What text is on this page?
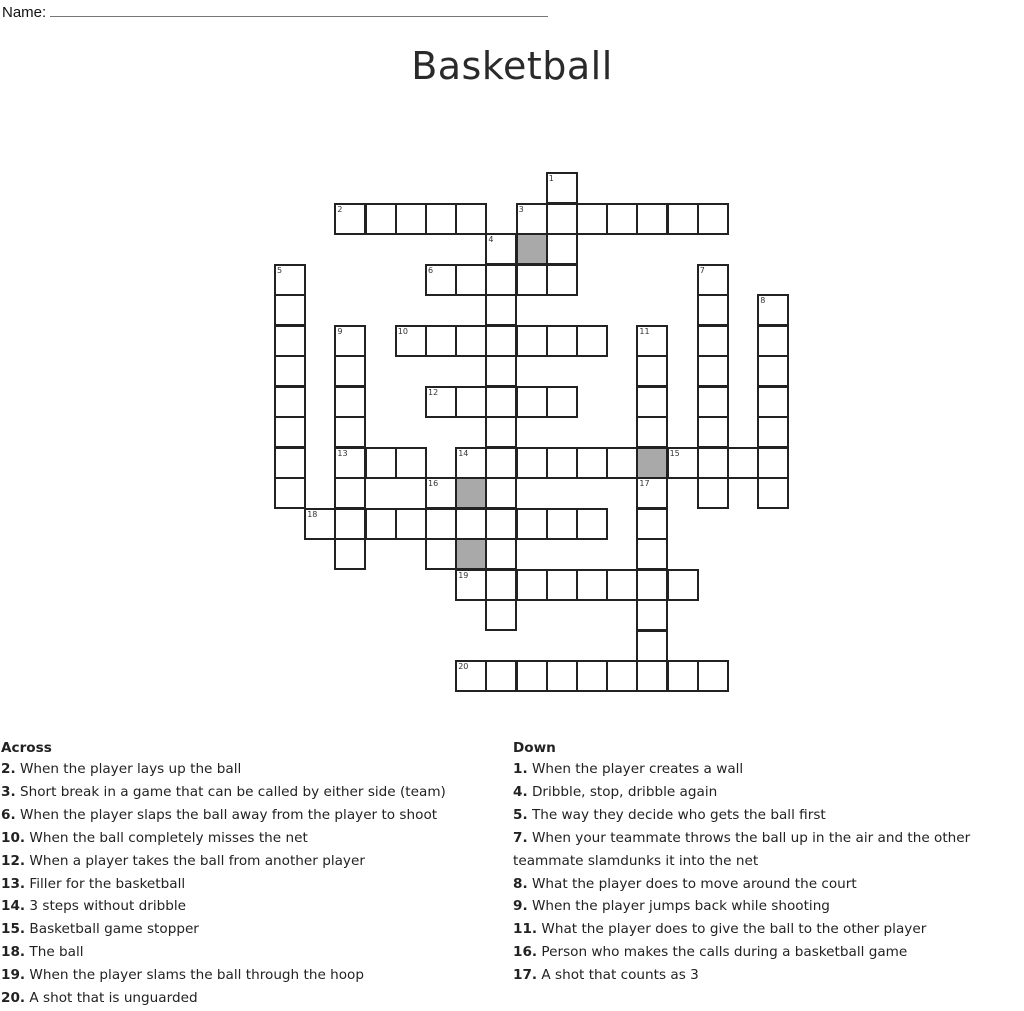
Name:
Basketball
1
2	3
4
5	6	7
8
9	10	11
12
13	14	15
16	17
18
19
20
Across
2. When the player lays up the ball
3. Short break in a game that can be called by either side (team)
6. When the player slaps the ball away from the player to shoot
10. When the ball completely misses the net
12. When a player takes the ball from another player
13. Filler for the basketball
14. 3 steps without dribble
15. Basketball game stopper
18. The ball
19. When the player slams the ball through the hoop
20. A shot that is unguarded
Down
1. When the player creates a wall
4. Dribble, stop, dribble again
5. The way they decide who gets the ball first
7. When your teammate throws the ball up in the air and the other teammate slamdunks it into the net
8. What the player does to move around the court
9. When the player jumps back while shooting
11. What the player does to give the ball to the other player
16. Person who makes the calls during a basketball game
17. A shot that counts as 3
